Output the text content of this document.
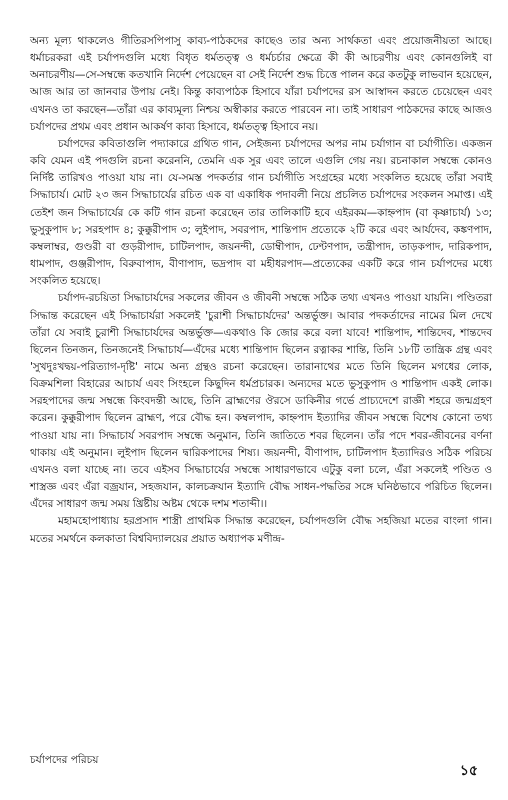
অন্য মূল্য থাকলেও গীতিরসপিপাসু কাব্য-পাঠকদের কাছেও তার অন্য সার্থকতা এবং প্রয়োজনীয়তা আছে। ধর্মাচরকরা এই চর্যাপদগুলি মধ্যে বিধৃত ধর্মতত্ত্ব ও ধর্মচর্চার ক্ষেত্রে কী কী আচরণীয় এবং কোনগুলিই বা অনাচরণীয়—সে-সম্বন্ধে কতখানি নির্দেশ পেয়েছেন বা সেই নির্দেশ শুদ্ধ চিত্তে পালন করে কতটুকু লাভবান হয়েছেন, আজ আর তা জানবার উপায় নেই। কিন্তু কাব্যপাঠক হিসাবে যাঁরা চর্যাপদের রস আস্বাদন করতে চেয়েছেন এবং এখনও তা করছেন—তাঁরা এর কাব্যমূল্য নিশ্চয় অস্বীকার করতে পারবেন না। তাই সাধারণ পাঠকদের কাছে আজও চর্যাপদের প্রথম এবং প্রধান আকর্ষণ কাব্য হিসাবে, ধর্মতত্ত্ব হিসাবে নয়।

চর্যাপদের কবিতাগুলি পদ্যাকারে গ্রথিত গান, সেইজন্য চর্যাপদের অপর নাম চর্যাগান বা চর্যাগীতি। একজন কবি যেমন এই পদগুলি রচনা করেননি, তেমনি এক সুর এবং তালে এগুলি গেয় নয়। রচনাকাল সম্বন্ধে কোনও নির্দিষ্ট তারিখও পাওয়া যায় না। যে-সমস্ত পদকর্তার গান চর্যাগীতি সংগ্রহের মধ্যে সংকলিত হয়েছে তাঁরা সবাই সিদ্ধাচার্য। মোট ২৩ জন সিদ্ধাচার্যের রচিত এক বা একাধিক পদাবলী নিয়ে প্রচলিত চর্যাপদের সংকলন সমাপ্ত। এই তেইশ জন সিদ্ধাচার্যের কে কটি গান রচনা করেছেন তার তালিকাটি হবে এইরকম—কাহ্নপাদ (বা কৃষ্ণাচার্য) ১৩; ভুসুকুপাদ ৮; সরহপাদ ৪; কুক্কুরীপাদ ৩; লুইপাদ, সবরপাদ, শান্তিপাদ প্রত্যেকে ২টি করে এবং আর্যদেব, কঙ্কণপাদ, কম্বলাম্বর, গুণ্ডরী বা গুড়রীপাদ, চাটিলপাদ, জয়নন্দী, ডোম্বীপাদ, ঢেণ্টণপাদ, তন্ত্রীপাদ, তাড়কপাদ, দারিকপাদ, ধামপাদ, গুঞ্জরীপাদ, বিরুবাপাদ, বীণাপাদ, ভদ্রপাদ বা মহীধরপাদ—প্রত্যেকের একটি করে গান চর্যাপদের মধ্যে সংকলিত হয়েছে।

চর্যাপদ-রচয়িতা সিদ্ধাচার্যদের সকলের জীবন ও জীবনী সম্বন্ধে সঠিক তথ্য এখনও পাওয়া যায়নি। পণ্ডিতরা সিদ্ধান্ত করেছেন এই সিদ্ধাচার্যরা সকলেই 'চুরাশী সিদ্ধাচার্যদের' অন্তর্ভুক্ত। আবার পদকর্তাদের নামের মিল দেখে তাঁরা যে সবাই চুরাশী সিদ্ধাচার্যদের অন্তর্ভুক্ত—একথাও কি জোর করে বলা যাবে! শান্তিপাদ, শান্তিদেব, শান্তদেব ছিলেন তিনজন, তিনজনেই সিদ্ধাচার্য—এঁদের মধ্যে শান্তিপাদ ছিলেন রত্নাকর শান্তি, তিনি ১৮টি তান্ত্রিক গ্রন্থ এবং 'সুখদুঃখদ্বয়-পরিত্যাগ-দৃষ্টি' নামে অন্য গ্রন্থও রচনা করেছেন। তারানাথের মতে তিনি ছিলেন মগধের লোক, বিক্রমশিলা বিহারের আচার্য এবং সিংহলে কিছুদিন ধর্মপ্রচারক। অন্যদের মতে ভুসুকুপাদ ও শান্তিপাদ একই লোক। সরহপাদের জন্ম সম্বন্ধে কিংবদন্তী আছে, তিনি ব্রাহ্মণের ঔরসে ডাকিনীর গর্ভে প্রাচ্যদেশে রাজ্ঞী শহরে জন্মগ্রহণ করেন। কুক্কুরীপাদ ছিলেন ব্রাহ্মণ, পরে বৌদ্ধ হন। কম্বলপাদ, কাহ্নপাদ ইত্যাদির জীবন সম্বন্ধে বিশেষ কোনো তথ্য পাওয়া যায় না। সিদ্ধাচার্য সবরপাদ সম্বন্ধে অনুমান, তিনি জাতিতে শবর ছিলেন। তাঁর পদে শবর-জীবনের বর্ণনা থাকায় এই অনুমান। লুইপাদ ছিলেন দ্বারিকপাদের শিষ্য। জয়নন্দী, বীণাপাদ, চাটিলপাদ ইত্যাদিরও সঠিক পরিচয় এখনও বলা যাচ্ছে না। তবে এইসব সিদ্ধাচার্যের সম্বন্ধে সাধারণভাবে এটুকু বলা চলে, এঁরা সকলেই পণ্ডিত ও শাস্ত্রজ্ঞ এবং এঁরা বজ্রযান, সহজযান, কালচক্রযান ইত্যাদি বৌদ্ধ সাধন-পদ্ধতির সঙ্গে ঘনিষ্ঠভাবে পরিচিত ছিলেন। এঁদের সাধারণ জন্ম সময় খ্রিষ্টীয় অষ্টম থেকে দশম শতাব্দী।।

মহামহোপাধ্যায় হরপ্রসাদ শাস্ত্রী প্রাথমিক সিদ্ধান্ত করেছেন, চর্যাপদগুলি বৌদ্ধ সহজিয়া মতের বাংলা গান। মতের সমর্থনে কলকাতা বিশ্ববিদ্যালয়ের প্রয়াত অধ্যাপক মণীন্দ্র-

চর্যাপদের পরিচয়
১৫
